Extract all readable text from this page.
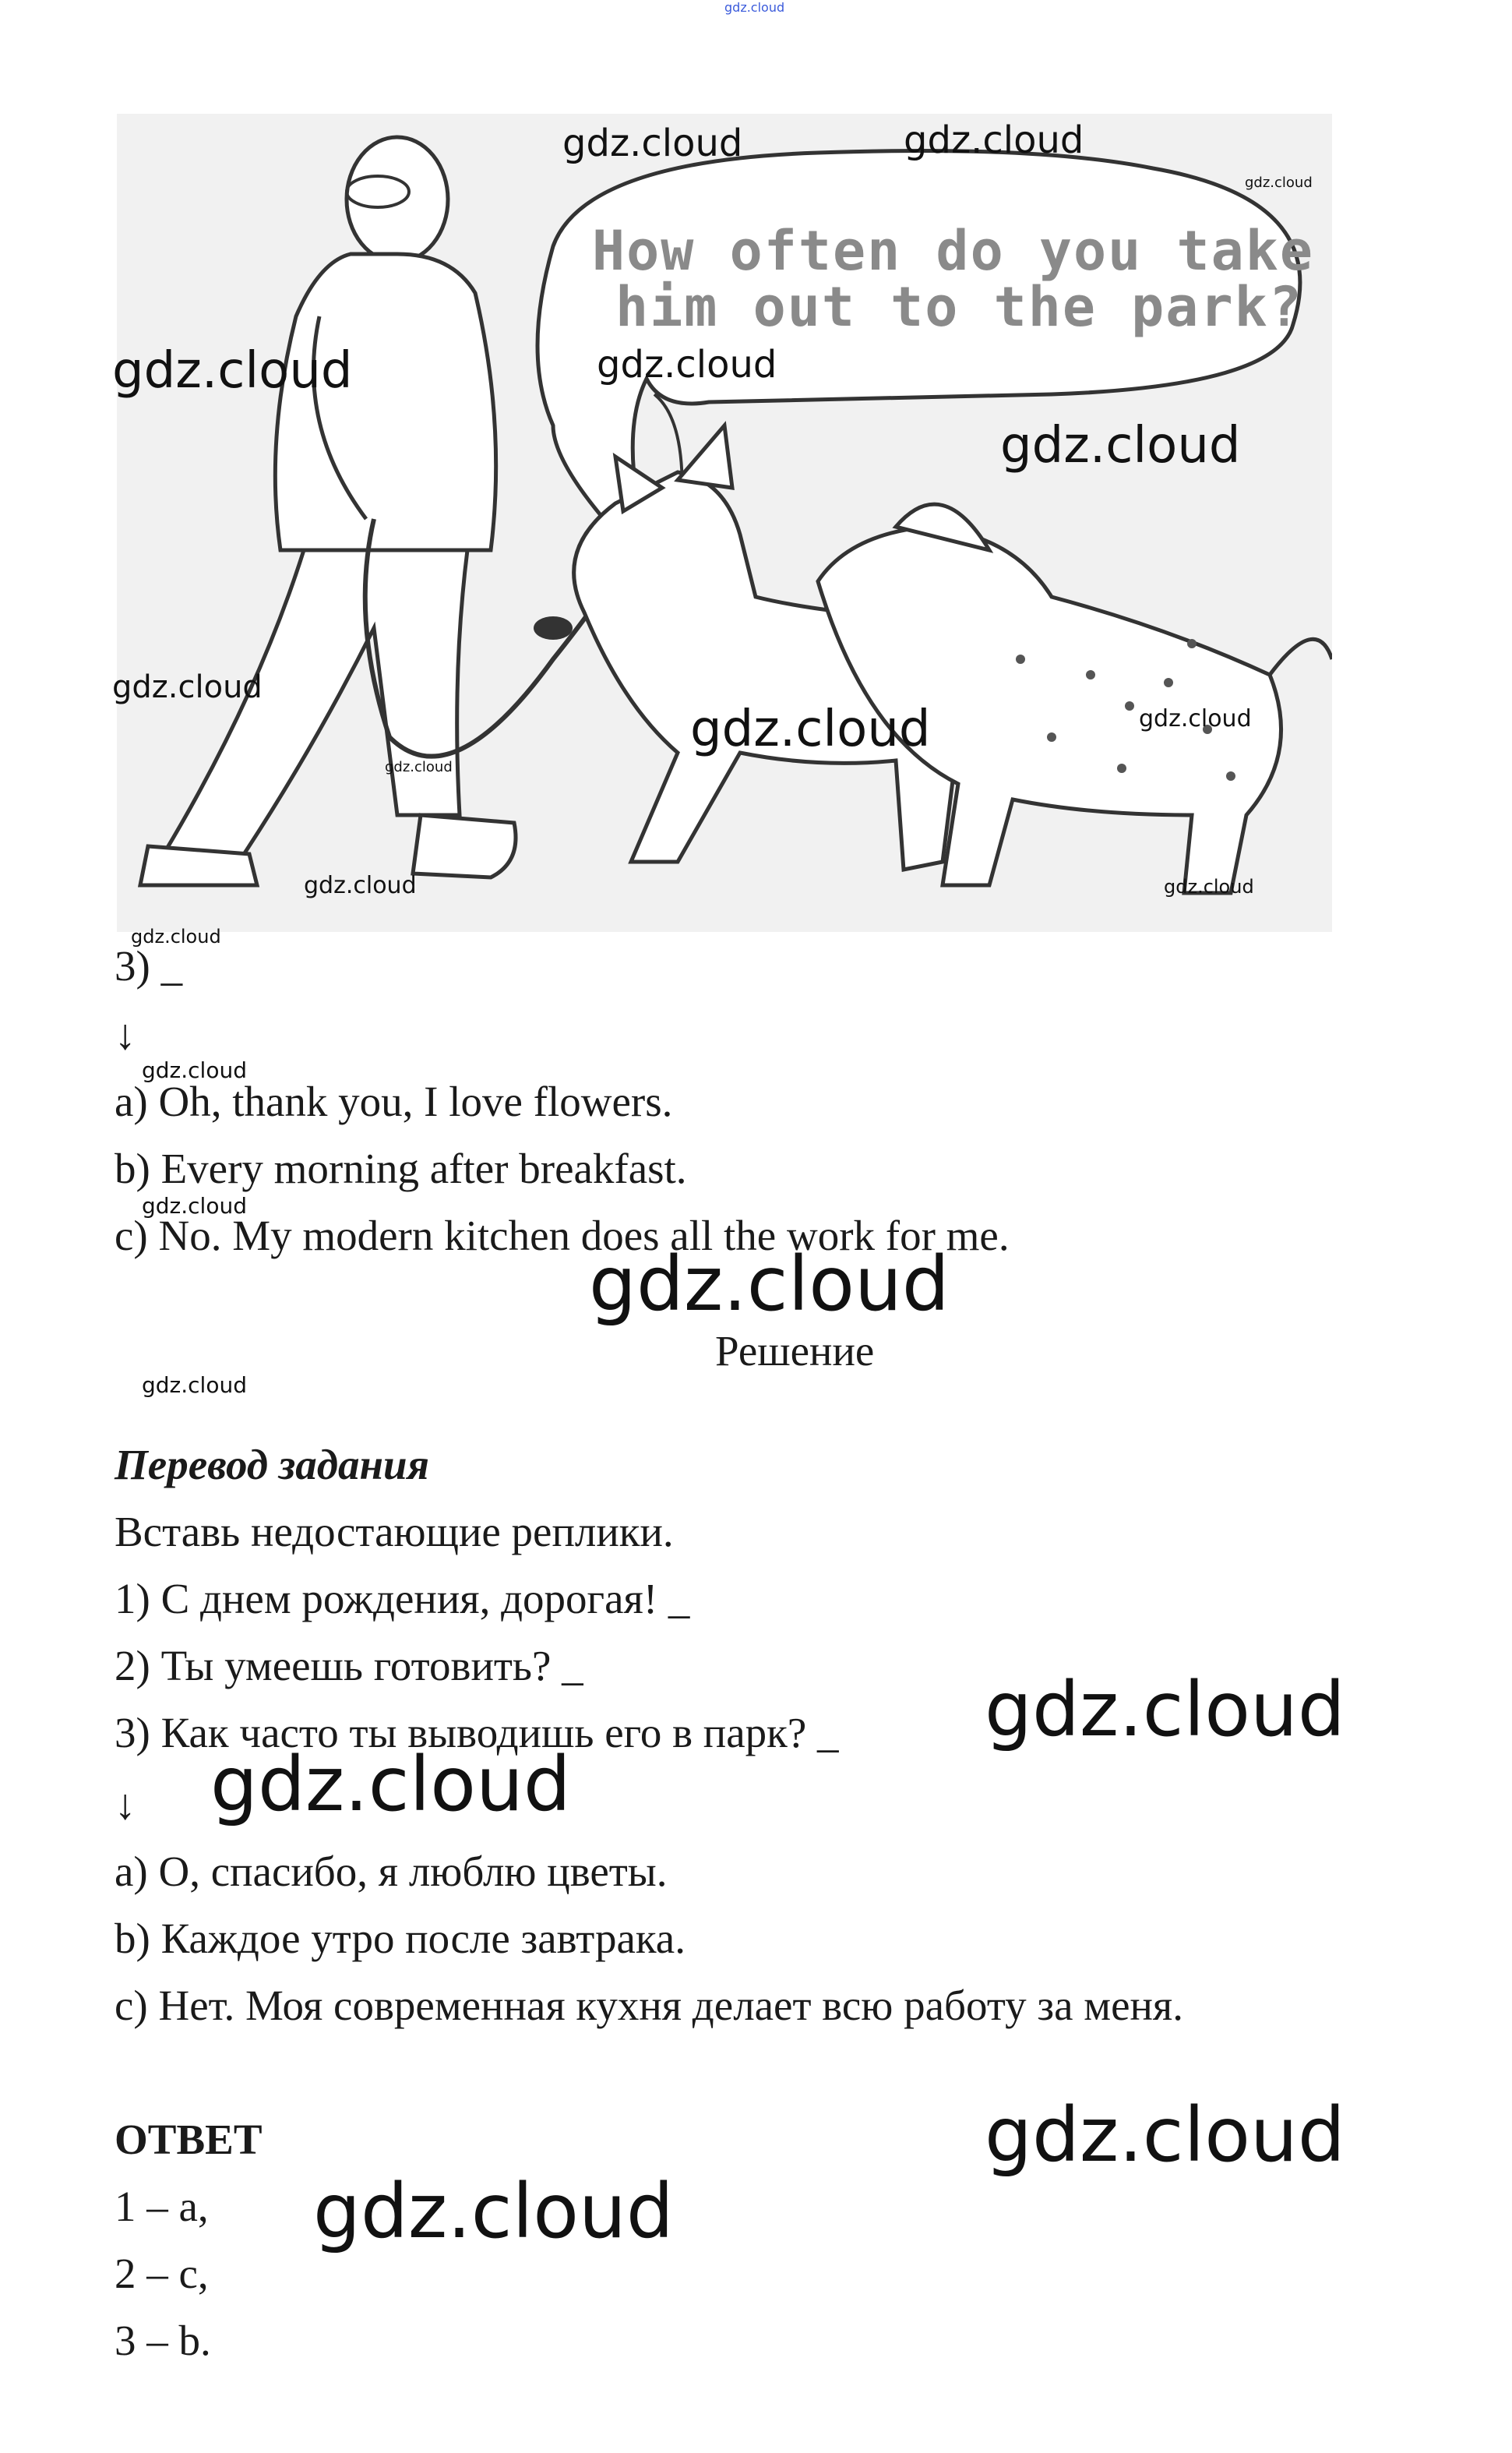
gdz.cloud
How often do you take
him out to the park?
3) _
↓
a) Oh, thank you, I love flowers.
b) Every morning after breakfast.
c) No. My modern kitchen does all the work for me.
Решение
Перевод задания
Вставь недостающие реплики.
1) С днем рождения, дорогая! _
2) Ты умеешь готовить? _
3) Как часто ты выводишь его в парк? _
↓
a) О, спасибо, я люблю цветы.
b) Каждое утро после завтрака.
c) Нет. Моя современная кухня делает всю работу за меня.
ОТВЕТ
1 – a,
2 – c,
3 – b.
gdz.cloud	gdz.cloud
gdz.cloud
gdz.cloud	gdz.cloud
gdz.cloud
gdz.cloud
gdz.cloud	gdz.cloud
gdz.cloud
gdz.cloud	gdz.cloud
gdz.cloud
gdz.cloud
gdz.cloud
gdz.cloud
gdz.cloud
gdz.cloud
gdz.cloud
gdz.cloud
gdz.cloud
